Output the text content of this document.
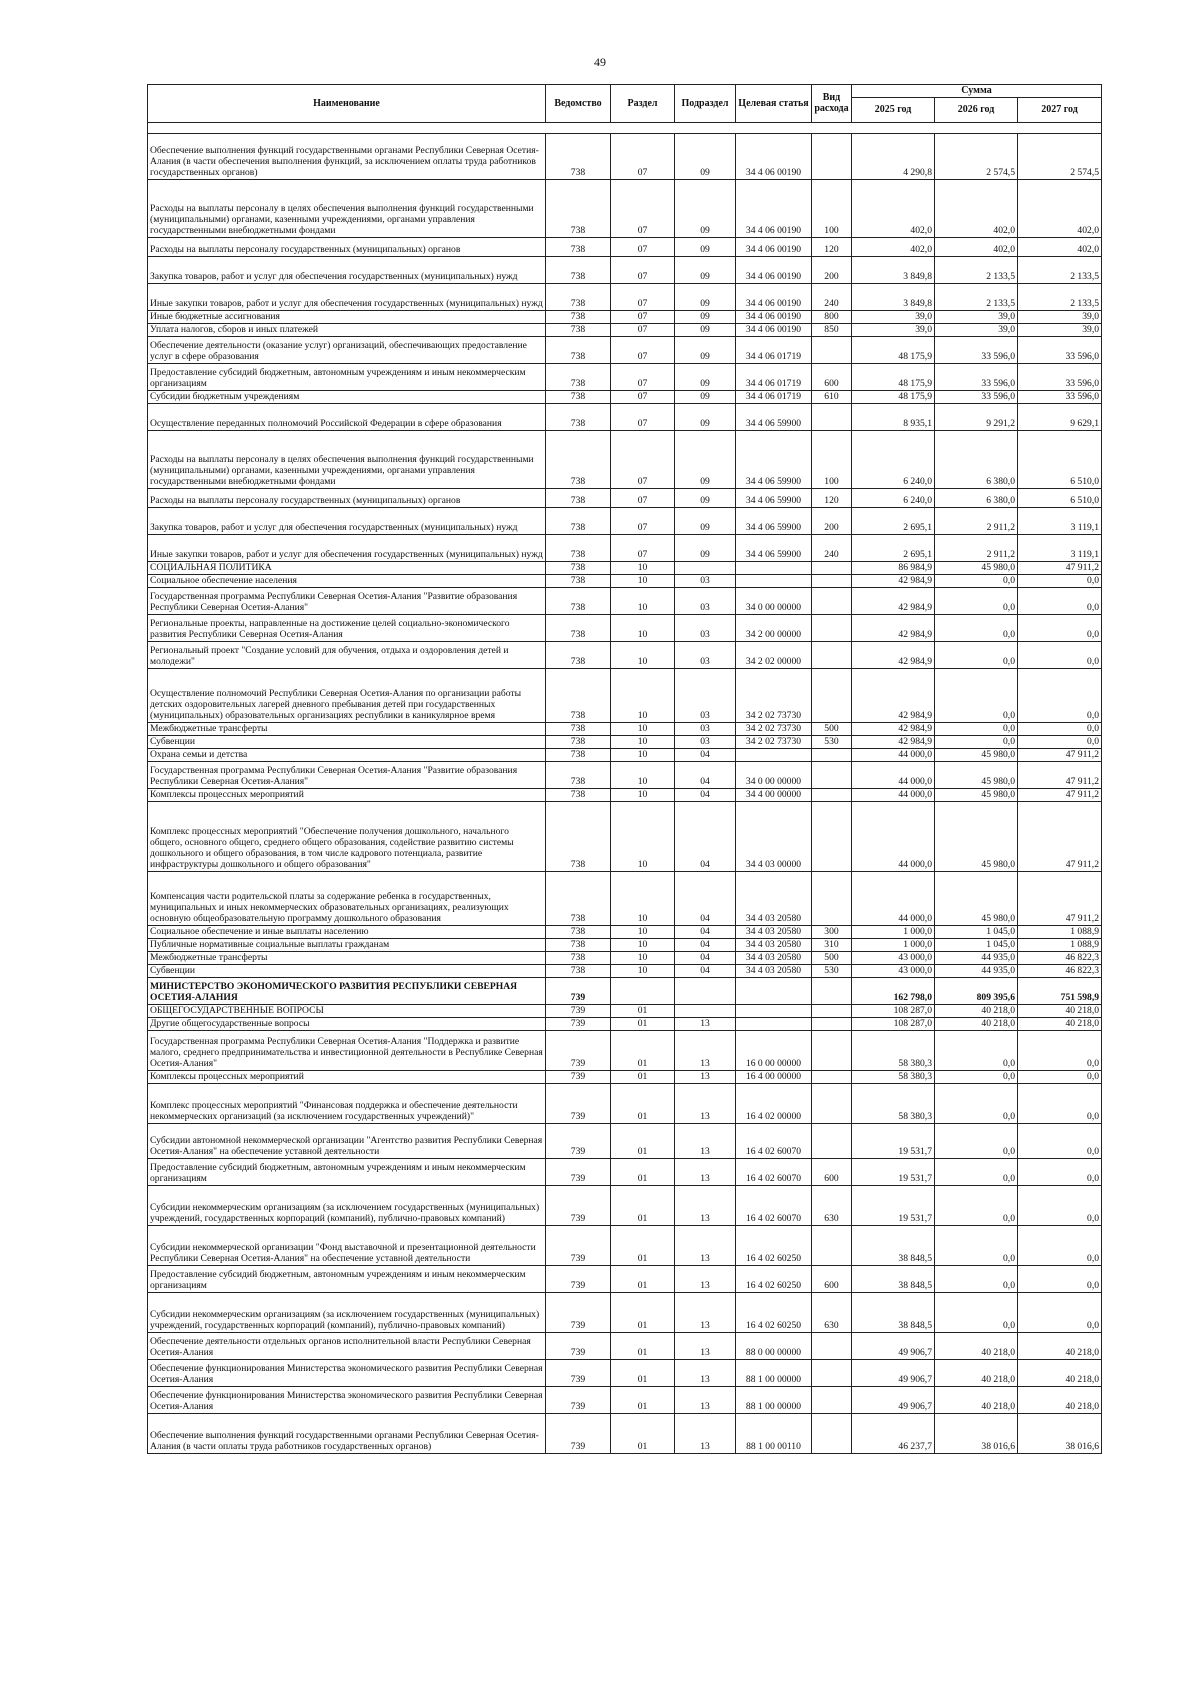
49
Наименование	Ведомство	Раздел	Подраздел	Целевая статья	Вид расхода	Сумма		
						2025 год	2026 год	2027 год

Обеспечение выполнения функций государственными органами Республики Северная Осетия-Алания (в части обеспечения выполнения функций, за исключением оплаты труда работников государственных органов)	738	07	09	34 4 06 00190		4 290,8	2 574,5	2 574,5
Расходы на выплаты персоналу в целях обеспечения выполнения функций государственными (муниципальными) органами, казенными учреждениями, органами управления государственными внебюджетными фондами	738	07	09	34 4 06 00190	100	402,0	402,0	402,0
Расходы на выплаты персоналу государственных (муниципальных) органов	738	07	09	34 4 06 00190	120	402,0	402,0	402,0
Закупка товаров, работ и услуг для обеспечения государственных (муниципальных) нужд	738	07	09	34 4 06 00190	200	3 849,8	2 133,5	2 133,5
Иные закупки товаров, работ и услуг для обеспечения государственных (муниципальных) нужд	738	07	09	34 4 06 00190	240	3 849,8	2 133,5	2 133,5
Иные бюджетные ассигнования	738	07	09	34 4 06 00190	800	39,0	39,0	39,0
Уплата налогов, сборов и иных платежей	738	07	09	34 4 06 00190	850	39,0	39,0	39,0
Обеспечение деятельности (оказание услуг) организаций, обеспечивающих предоставление услуг в сфере образования	738	07	09	34 4 06 01719		48 175,9	33 596,0	33 596,0
Предоставление субсидий бюджетным, автономным учреждениям и иным некоммерческим организациям	738	07	09	34 4 06 01719	600	48 175,9	33 596,0	33 596,0
Субсидии бюджетным учреждениям	738	07	09	34 4 06 01719	610	48 175,9	33 596,0	33 596,0
Осуществление переданных полномочий Российской Федерации в сфере образования	738	07	09	34 4 06 59900		8 935,1	9 291,2	9 629,1
Расходы на выплаты персоналу в целях обеспечения выполнения функций государственными (муниципальными) органами, казенными учреждениями, органами управления государственными внебюджетными фондами	738	07	09	34 4 06 59900	100	6 240,0	6 380,0	6 510,0
Расходы на выплаты персоналу государственных (муниципальных) органов	738	07	09	34 4 06 59900	120	6 240,0	6 380,0	6 510,0
Закупка товаров, работ и услуг для обеспечения государственных (муниципальных) нужд	738	07	09	34 4 06 59900	200	2 695,1	2 911,2	3 119,1
Иные закупки товаров, работ и услуг для обеспечения государственных (муниципальных) нужд	738	07	09	34 4 06 59900	240	2 695,1	2 911,2	3 119,1
СОЦИАЛЬНАЯ ПОЛИТИКА	738	10				86 984,9	45 980,0	47 911,2
Социальное обеспечение населения	738	10	03			42 984,9	0,0	0,0
Государственная программа Республики Северная Осетия-Алания "Развитие образования Республики Северная Осетия-Алания"	738	10	03	34 0 00 00000		42 984,9	0,0	0,0
Региональные проекты, направленные на достижение целей социально-экономического развития Республики Северная Осетия-Алания	738	10	03	34 2 00 00000		42 984,9	0,0	0,0
Региональный проект "Создание условий для обучения, отдыха и оздоровления детей и молодежи"	738	10	03	34 2 02 00000		42 984,9	0,0	0,0
Осуществление полномочий Республики Северная Осетия-Алания по организации работы детских оздоровительных лагерей дневного пребывания детей при государственных (муниципальных) образовательных организациях республики в каникулярное время	738	10	03	34 2 02 73730		42 984,9	0,0	0,0
Межбюджетные трансферты	738	10	03	34 2 02 73730	500	42 984,9	0,0	0,0
Субвенции	738	10	03	34 2 02 73730	530	42 984,9	0,0	0,0
Охрана семьи и детства	738	10	04			44 000,0	45 980,0	47 911,2
Государственная программа Республики Северная Осетия-Алания "Развитие образования Республики Северная Осетия-Алания"	738	10	04	34 0 00 00000		44 000,0	45 980,0	47 911,2
Комплексы процессных мероприятий	738	10	04	34 4 00 00000		44 000,0	45 980,0	47 911,2
Комплекс процессных мероприятий "Обеспечение получения дошкольного, начального общего, основного общего, среднего общего образования, содействие развитию системы дошкольного и общего образования, в том числе кадрового потенциала, развитие инфраструктуры дошкольного и общего образования"	738	10	04	34 4 03 00000		44 000,0	45 980,0	47 911,2
Компенсация части родительской платы за содержание ребенка в государственных, муниципальных и иных некоммерческих образовательных организациях, реализующих основную общеобразовательную программу дошкольного образования	738	10	04	34 4 03 20580		44 000,0	45 980,0	47 911,2
Социальное обеспечение и иные выплаты населению	738	10	04	34 4 03 20580	300	1 000,0	1 045,0	1 088,9
Публичные нормативные социальные выплаты гражданам	738	10	04	34 4 03 20580	310	1 000,0	1 045,0	1 088,9
Межбюджетные трансферты	738	10	04	34 4 03 20580	500	43 000,0	44 935,0	46 822,3
Субвенции	738	10	04	34 4 03 20580	530	43 000,0	44 935,0	46 822,3
МИНИСТЕРСТВО ЭКОНОМИЧЕСКОГО РАЗВИТИЯ РЕСПУБЛИКИ СЕВЕРНАЯ ОСЕТИЯ-АЛАНИЯ	739					162 798,0	809 395,6	751 598,9
ОБЩЕГОСУДАРСТВЕННЫЕ ВОПРОСЫ	739	01				108 287,0	40 218,0	40 218,0
Другие общегосударственные вопросы	739	01	13			108 287,0	40 218,0	40 218,0
Государственная программа Республики Северная Осетия-Алания "Поддержка и развитие малого, среднего предпринимательства и инвестиционной деятельности в Республике Северная Осетия-Алания"	739	01	13	16 0 00 00000		58 380,3	0,0	0,0
Комплексы процессных мероприятий	739	01	13	16 4 00 00000		58 380,3	0,0	0,0
Комплекс процессных мероприятий "Финансовая поддержка и обеспечение деятельности некоммерческих организаций (за исключением государственных учреждений)"	739	01	13	16 4 02 00000		58 380,3	0,0	0,0
Субсидии автономной некоммерческой организации "Агентство развития Республики Северная Осетия-Алания" на обеспечение уставной деятельности	739	01	13	16 4 02 60070		19 531,7	0,0	0,0
Предоставление субсидий бюджетным, автономным учреждениям и иным некоммерческим организациям	739	01	13	16 4 02 60070	600	19 531,7	0,0	0,0
Субсидии некоммерческим организациям (за исключением государственных (муниципальных) учреждений, государственных корпораций (компаний), публично-правовых компаний)	739	01	13	16 4 02 60070	630	19 531,7	0,0	0,0
Субсидии некоммерческой организации "Фонд выставочной и презентационной деятельности Республики Северная Осетия-Алания" на обеспечение уставной деятельности	739	01	13	16 4 02 60250		38 848,5	0,0	0,0
Предоставление субсидий бюджетным, автономным учреждениям и иным некоммерческим организациям	739	01	13	16 4 02 60250	600	38 848,5	0,0	0,0
Субсидии некоммерческим организациям (за исключением государственных (муниципальных) учреждений, государственных корпораций (компаний), публично-правовых компаний)	739	01	13	16 4 02 60250	630	38 848,5	0,0	0,0
Обеспечение деятельности отдельных органов исполнительной власти Республики Северная Осетия-Алания	739	01	13	88 0 00 00000		49 906,7	40 218,0	40 218,0
Обеспечение функционирования Министерства экономического развития Республики Северная Осетия-Алания	739	01	13	88 1 00 00000		49 906,7	40 218,0	40 218,0
Обеспечение функционирования Министерства экономического развития Республики Северная Осетия-Алания	739	01	13	88 1 00 00000		49 906,7	40 218,0	40 218,0
Обеспечение выполнения функций государственными органами Республики Северная Осетия-Алания (в части оплаты труда работников государственных органов)	739	01	13	88 1 00 00110		46 237,7	38 016,6	38 016,6
